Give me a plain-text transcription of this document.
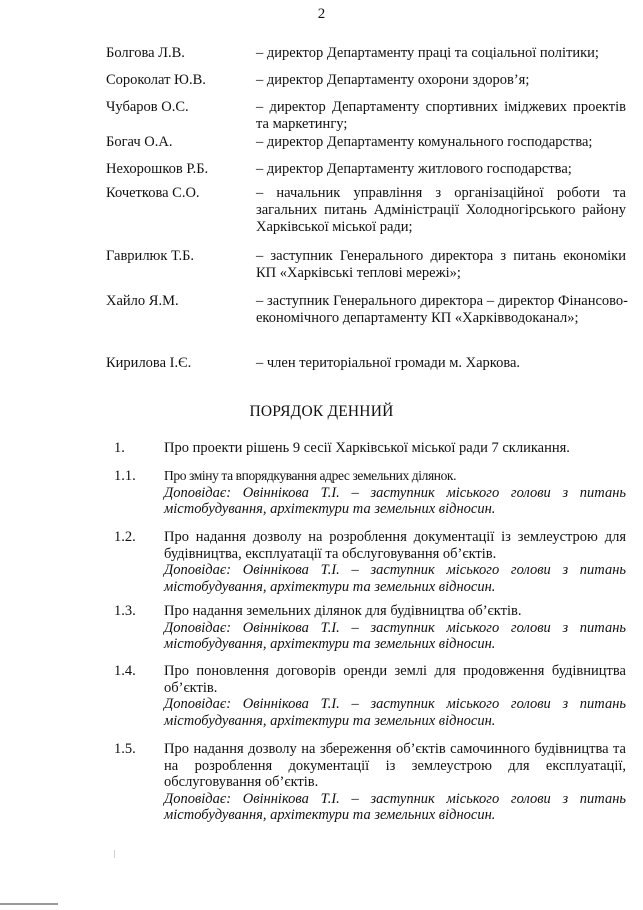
2
Болгова Л.В.	– директор Департаменту праці та соціальної політики;
Сороколат Ю.В.	– директор Департаменту охорони здоров’я;
Чубаров О.С.	– директор Департаменту спортивних іміджевих проектів та маркетингу;
Богач О.А.	– директор Департаменту комунального господарства;
Нехорошков Р.Б.	– директор Департаменту житлового господарства;
Кочеткова С.О.	– начальник управління з організаційної роботи та загальних питань Адміністрації Холодногірського району Харківської міської ради;
Гаврилюк Т.Б.	– заступник Генерального директора з питань економіки КП «Харківські теплові мережі»;
Хайло Я.М.	– заступник Генерального директора – директор Фінансово-економічного департаменту КП «Харківводоканал»;
Кирилова І.Є.	– член територіальної громади м. Харкова.
ПОРЯДОК ДЕННИЙ
1.	Про проекти рішень 9 сесії Харківської міської ради 7 скликання.
1.1. Про зміну та впорядкування адрес земельних ділянок.
Доповідає: Овіннікова Т.І. – заступник міського голови з питань містобудування, архітектури та земельних відносин.
1.2. Про надання дозволу на розроблення документації із землеустрою для будівництва, експлуатації та обслуговування об’єктів.
Доповідає: Овіннікова Т.І. – заступник міського голови з питань містобудування, архітектури та земельних відносин.
1.3. Про надання земельних ділянок для будівництва об’єктів.
Доповідає: Овіннікова Т.І. – заступник міського голови з питань містобудування, архітектури та земельних відносин.
1.4. Про поновлення договорів оренди землі для продовження будівництва об’єктів.
Доповідає: Овіннікова Т.І. – заступник міського голови з питань містобудування, архітектури та земельних відносин.
1.5. Про надання дозволу на збереження об’єктів самочинного будівництва та на розроблення документації із землеустрою для експлуатації, обслуговування об’єктів.
Доповідає: Овіннікова Т.І. – заступник міського голови з питань містобудування, архітектури та земельних відносин.
